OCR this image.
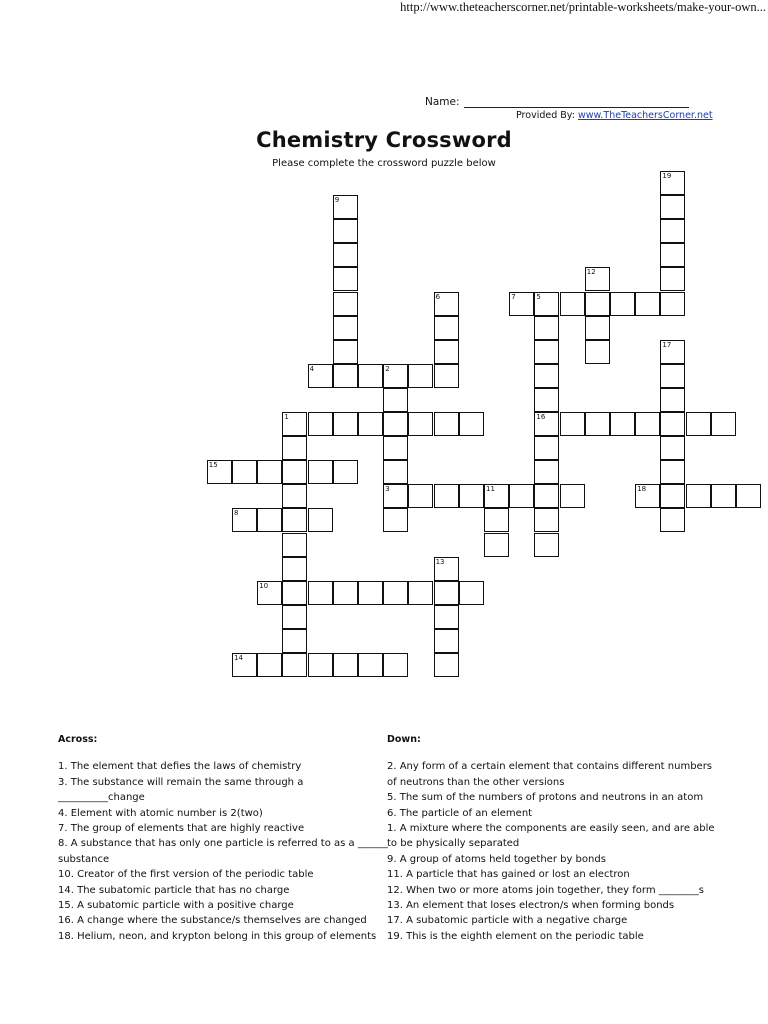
http://www.theteacherscorner.net/printable-worksheets/make-your-own...
Name:
Provided By: www.TheTeachersCorner.net
Chemistry Crossword
Please complete the crossword puzzle below
1
3	11
4	2
7	5
8
10
14
15
16
18
6
9
12
13
17
19
Across:

1. The element that defies the laws of chemistry

3. The substance will remain the same through a __________change

4. Element with atomic number is 2(two)

7. The group of elements that are highly reactive

8. A substance that has only one particle is referred to as a ______ substance

10. Creator of the first version of the periodic table

14. The subatomic particle that has no charge

15. A subatomic particle with a positive charge

16. A change where the substance/s themselves are changed

18. Helium, neon, and krypton belong in this group of elements

Down:

2. Any form of a certain element that contains different numbers of neutrons than the other versions

5. The sum of the numbers of protons and neutrons in an atom

6. The particle of an element

1. A mixture where the components are easily seen, and are able to be physically separated

9. A group of atoms held together by bonds

11. A particle that has gained or lost an electron

12. When two or more atoms join together, they form ________s

13. An element that loses electron/s when forming bonds

17. A subatomic particle with a negative charge

19. This is the eighth element on the periodic table
